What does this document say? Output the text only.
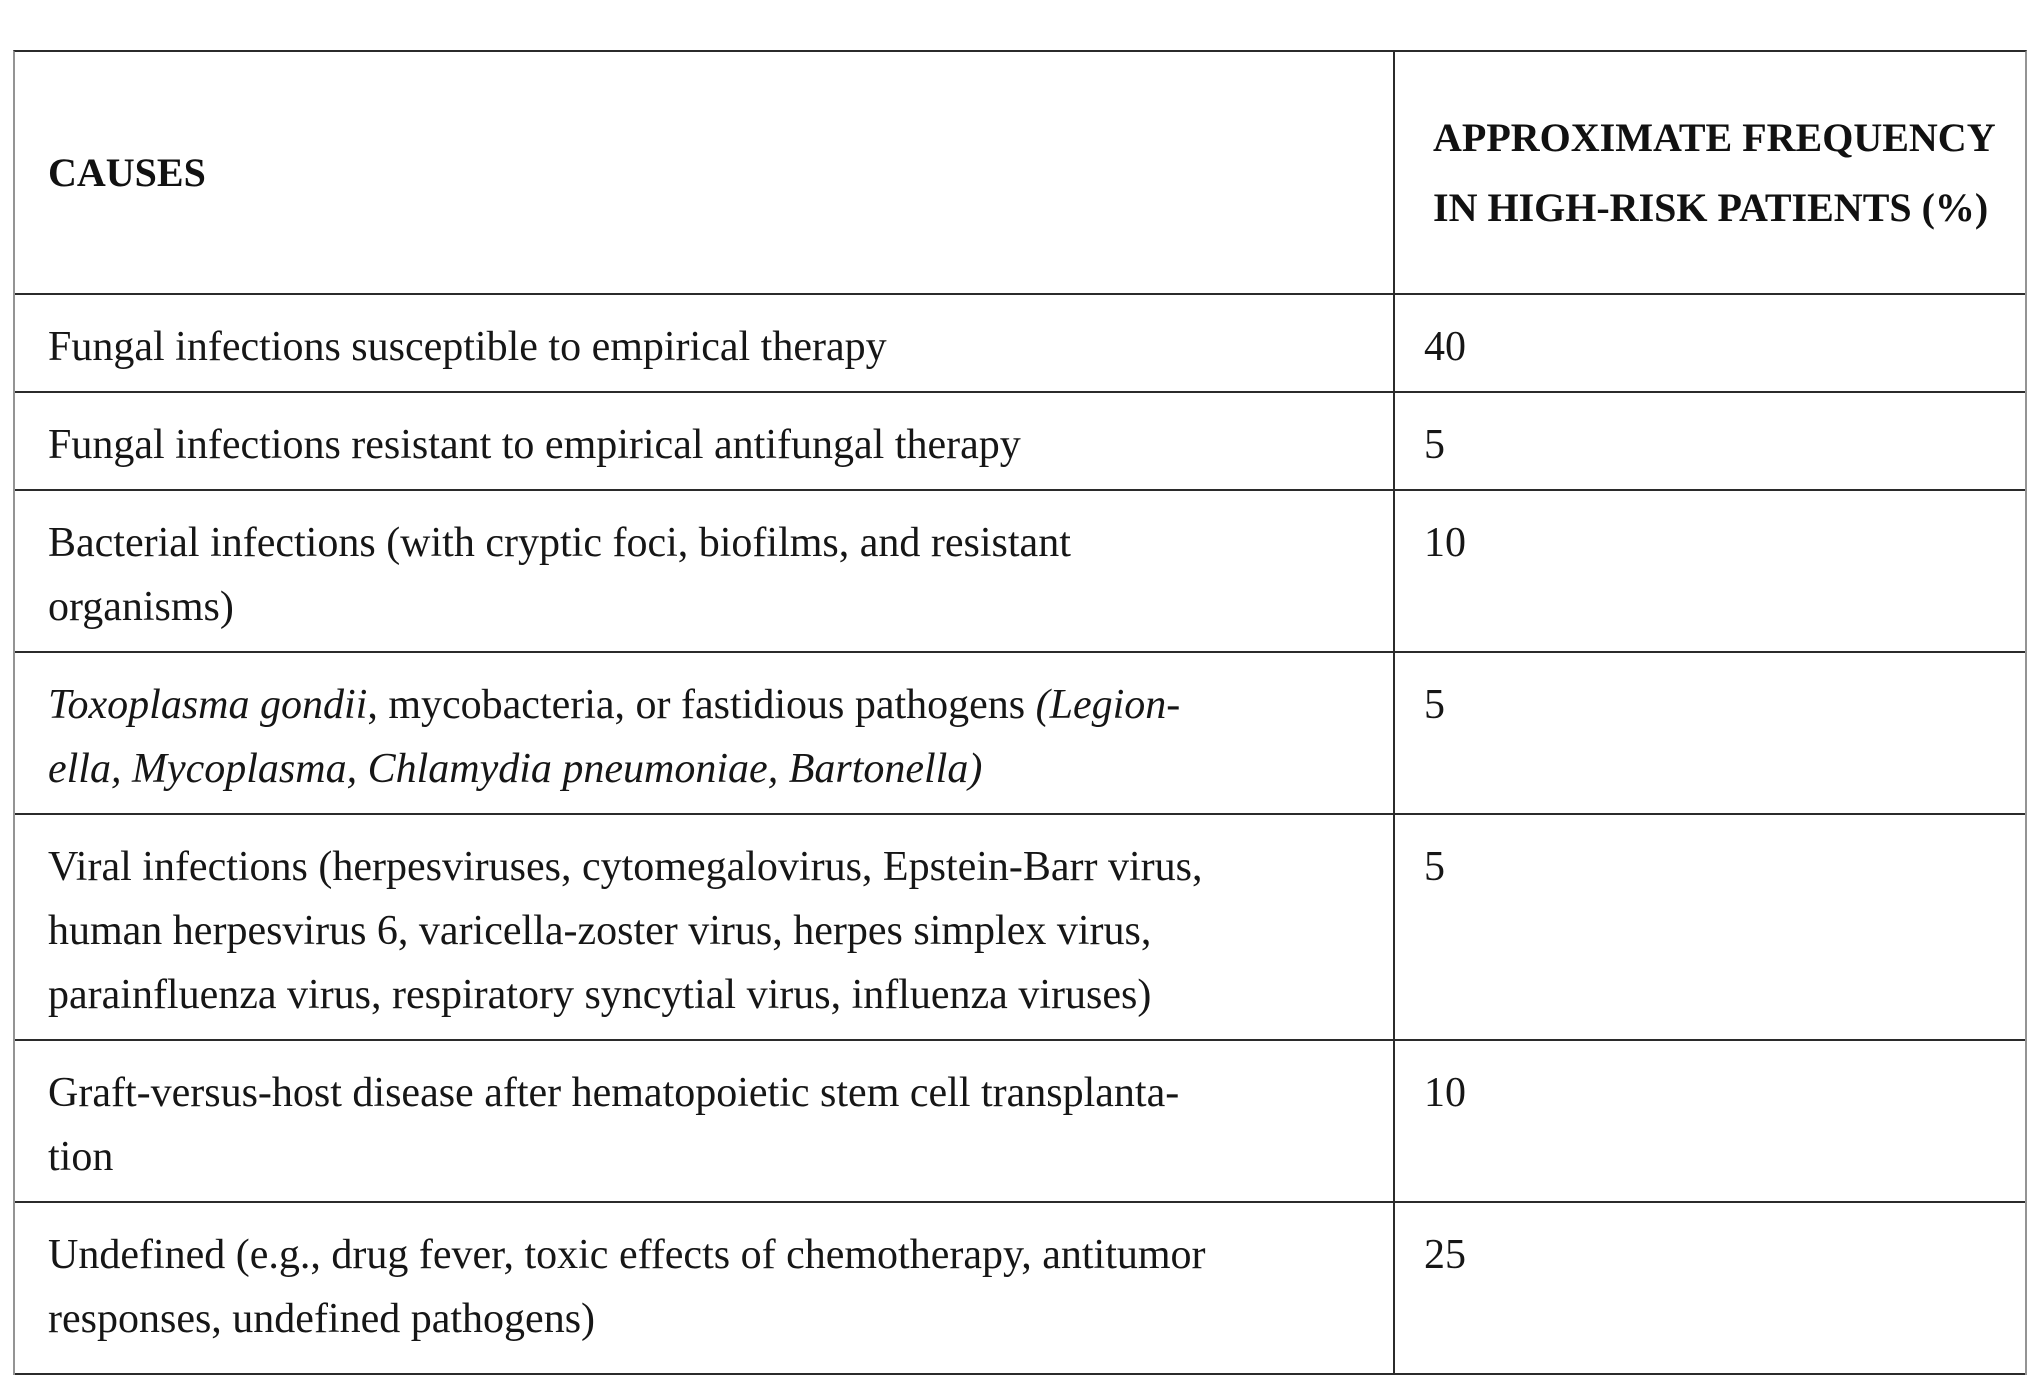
CAUSES	APPROXIMATE FREQUENCY IN HIGH-RISK PATIENTS (%)
Fungal infections susceptible to empirical therapy	40
Fungal infections resistant to empirical antifungal therapy	5
Bacterial infections (with cryptic foci, biofilms, and resistant
organisms)	10
Toxoplasma gondii, mycobacteria, or fastidious pathogens (Legion-
ella, Mycoplasma, Chlamydia pneumoniae, Bartonella)	5
Viral infections (herpesviruses, cytomegalovirus, Epstein-Barr virus,
human herpesvirus 6, varicella-zoster virus, herpes simplex virus,
parainfluenza virus, respiratory syncytial virus, influenza viruses)	5
Graft-versus-host disease after hematopoietic stem cell transplanta-
tion	10
Undefined (e.g., drug fever, toxic effects of chemotherapy, antitumor
responses, undefined pathogens)	25
